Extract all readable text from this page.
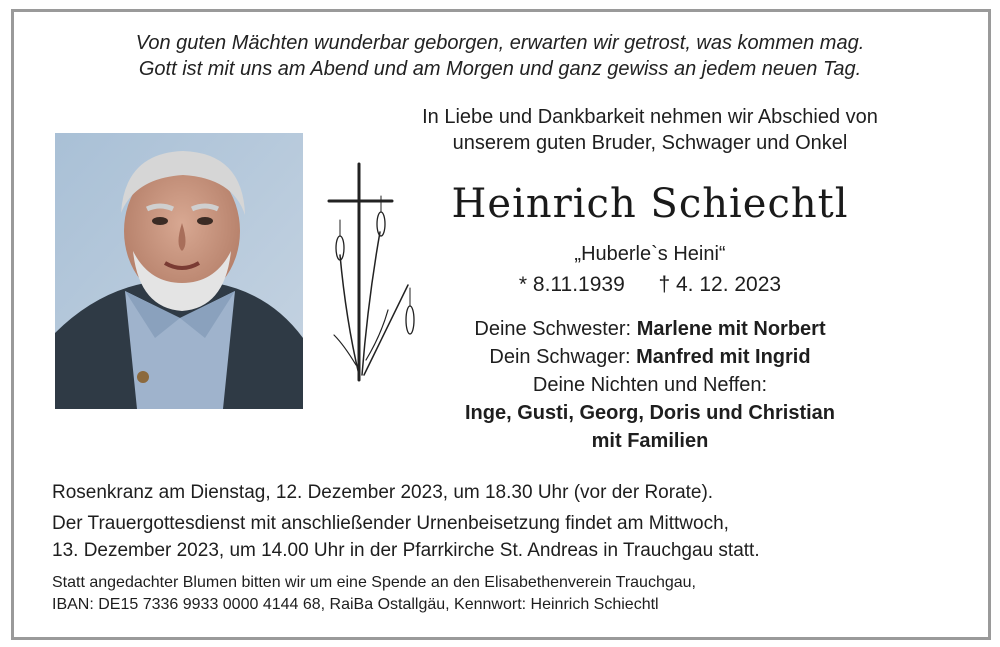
Von guten Mächten wunderbar geborgen, erwarten wir getrost, was kommen mag.
Gott ist mit uns am Abend und am Morgen und ganz gewiss an jedem neuen Tag.
In Liebe und Dankbarkeit nehmen wir Abschied von
unserem guten Bruder, Schwager und Onkel
Heinrich Schiechtl
„Huberle`s Heini“
* 8.11.1939 † 4. 12. 2023
Deine Schwester: Marlene mit Norbert
Dein Schwager: Manfred mit Ingrid
Deine Nichten und Neffen:
Inge, Gusti, Georg, Doris und Christian
mit Familien
Rosenkranz am Dienstag, 12. Dezember 2023, um 18.30 Uhr (vor der Rorate).
Der Trauergottesdienst mit anschließender Urnenbeisetzung findet am Mittwoch,
13. Dezember 2023, um 14.00 Uhr in der Pfarrkirche St. Andreas in Trauchgau statt.
Statt angedachter Blumen bitten wir um eine Spende an den Elisabethenverein Trauchgau,
IBAN: DE15 7336 9933 0000 4144 68, RaiBa Ostallgäu, Kennwort: Heinrich Schiechtl
